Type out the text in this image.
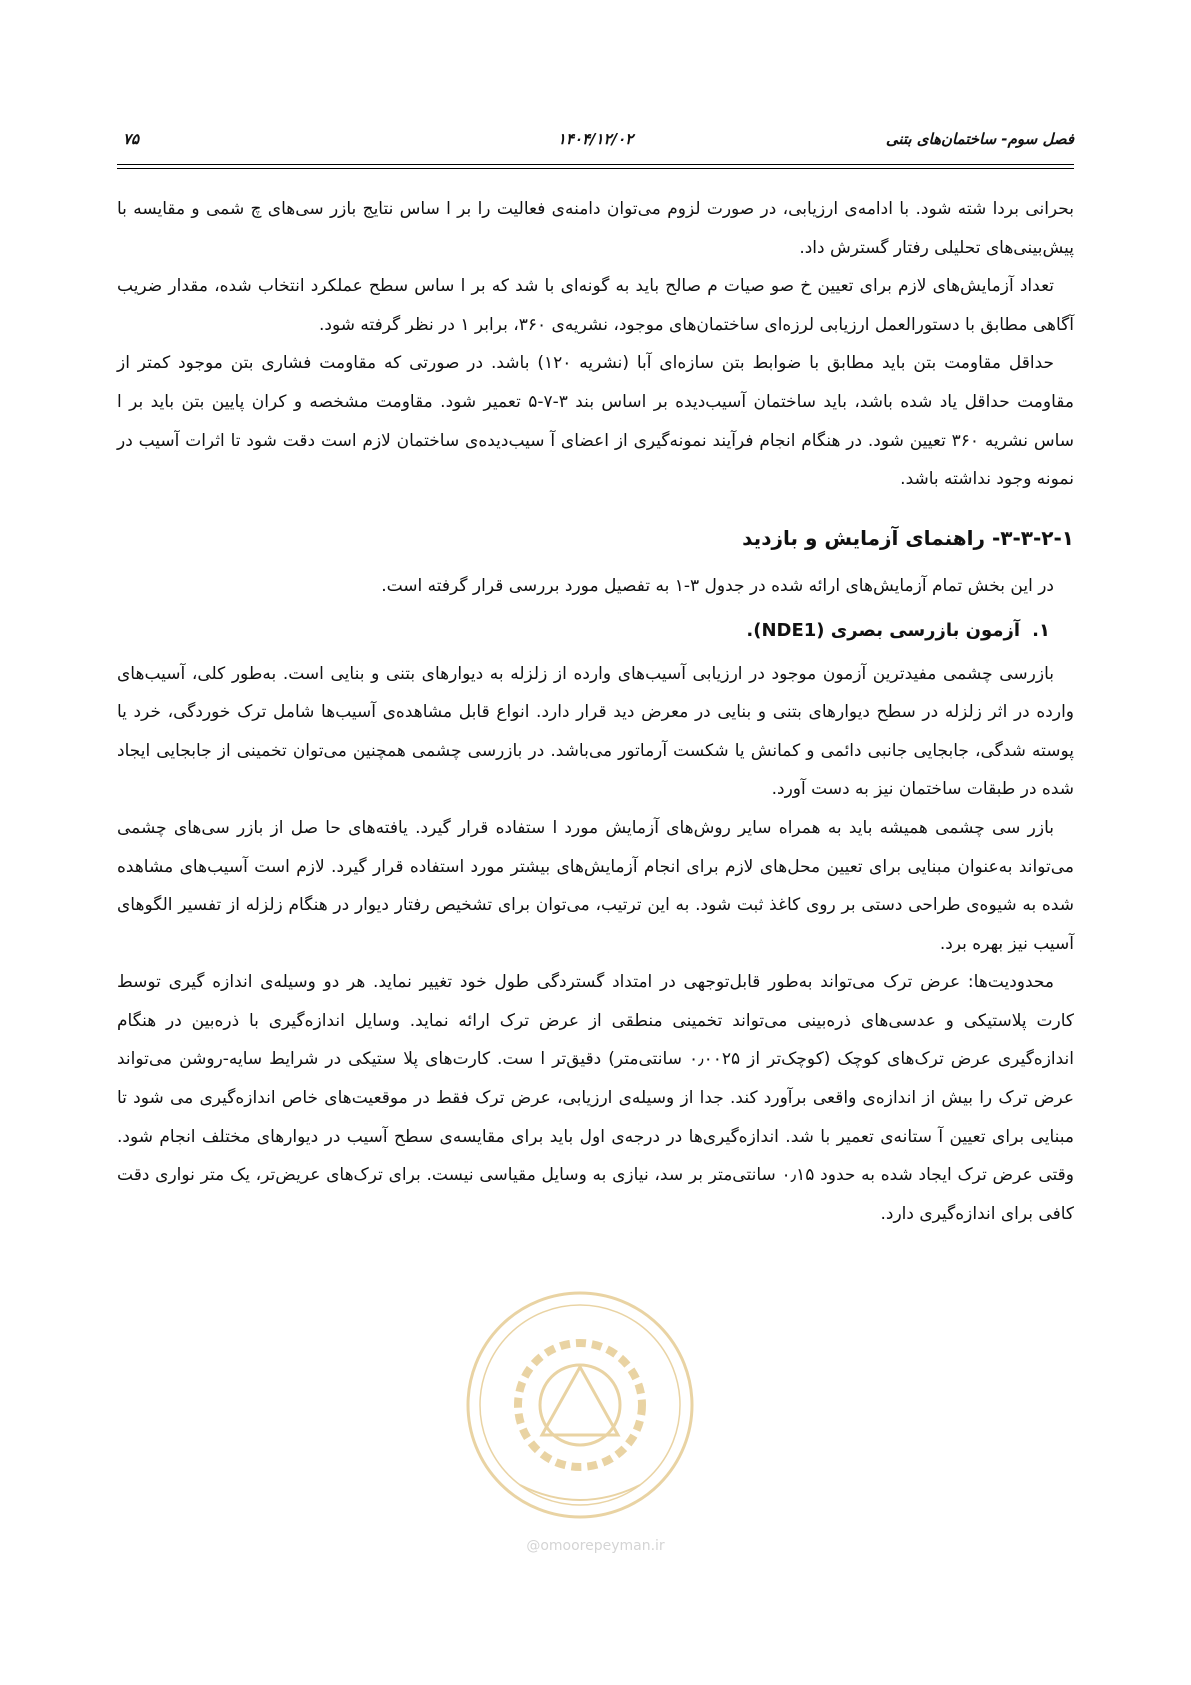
فصل سوم- ساختمان‌های بتنی
۱۴۰۴/۱۲/۰۲
۷۵

بحرانی بردا شته شود. با ادامه‌ی ارزیابی، در صورت لزوم می‌توان دامنه‌ی فعالیت را بر ا ساس نتایج بازر سی‌های چ شمی و مقایسه با پیش‌بینی‌های تحلیلی رفتار گسترش داد.

تعداد آزمایش‌های لازم برای تعیین خ صو صیات م صالح باید به گونه‌ای با شد که بر ا ساس سطح عملکرد انتخاب شده، مقدار ضریب آگاهی مطابق با دستورالعمل ارزیابی لرزه‌ای ساختمان‌های موجود، نشریه‌ی ۳۶۰، برابر ۱ در نظر گرفته شود.

حداقل مقاومت بتن باید مطابق با ضوابط بتن سازه‌ای آبا (نشریه ۱۲۰) باشد. در صورتی که مقاومت فشاری بتن موجود کمتر از مقاومت حداقل یاد شده باشد، باید ساختمان آسیب‌دیده بر اساس بند ۳-۷-۵ تعمیر شود. مقاومت مشخصه و کران پایین بتن باید بر ا ساس نشریه ۳۶۰ تعیین شود. در هنگام انجام فرآیند نمونه‌گیری از اعضای آ سیب‌دیده‌ی ساختمان لازم است دقت شود تا اثرات آسیب در نمونه وجود نداشته باشد.

۳-۳-۲-۱- راهنمای آزمایش و بازدید

در این بخش تمام آزمایش‌های ارائه شده در جدول ۳-۱ به تفصیل مورد بررسی قرار گرفته است.

۱.آزمون بازرسی بصری (NDE1).

بازرسی چشمی مفیدترین آزمون موجود در ارزیابی آسیب‌های وارده از زلزله به دیوارهای بتنی و بنایی است. به‌طور کلی، آسیب‌های وارده در اثر زلزله در سطح دیوارهای بتنی و بنایی در معرض دید قرار دارد. انواع قابل مشاهده‌ی آسیب‌ها شامل ترک خوردگی، خرد یا پوسته شدگی، جابجایی جانبی دائمی و کمانش یا شکست آرماتور می‌باشد. در بازرسی چشمی همچنین می‌توان تخمینی از جابجایی ایجاد شده در طبقات ساختمان نیز به دست آورد.

بازر سی چشمی همیشه باید به همراه سایر روش‌های آزمایش مورد ا ستفاده قرار گیرد. یافته‌های حا صل از بازر سی‌های چشمی می‌تواند به‌عنوان مبنایی برای تعیین محل‌های لازم برای انجام آزمایش‌های بیشتر مورد استفاده قرار گیرد. لازم است آسیب‌های مشاهده شده به شیوه‌ی طراحی دستی بر روی کاغذ ثبت شود. به این ترتیب، می‌توان برای تشخیص رفتار دیوار در هنگام زلزله از تفسیر الگوهای آسیب نیز بهره برد.

محدودیت‌ها: عرض ترک می‌تواند به‌طور قابل‌توجهی در امتداد گستردگی طول خود تغییر نماید. هر دو وسیله‌ی اندازه گیری توسط کارت پلاستیکی و عدسی‌های ذره‌بینی می‌تواند تخمینی منطقی از عرض ترک ارائه نماید. وسایل اندازه‌گیری با ذره‌بین در هنگام اندازه‌گیری عرض ترک‌های کوچک (کوچک‌تر از ۰٫۰۰۲۵ سانتی‌متر) دقیق‌تر ا ست. کارت‌های پلا ستیکی در شرایط سایه-روشن می‌تواند عرض ترک را بیش از اندازه‌ی واقعی برآورد کند. جدا از وسیله‌ی ارزیابی، عرض ترک فقط در موقعیت‌های خاص اندازه‌گیری می شود تا مبنایی برای تعیین آ ستانه‌ی تعمیر با شد. اندازه‌گیری‌ها در درجه‌ی اول باید برای مقایسه‌ی سطح آسیب در دیوارهای مختلف انجام شود. وقتی عرض ترک ایجاد شده به حدود ۰٫۱۵ سانتی‌متر بر سد، نیازی به وسایل مقیاسی نیست. برای ترک‌های عریض‌تر، یک متر نواری دقت کافی برای اندازه‌گیری دارد.

@omoorepeyman.ir
